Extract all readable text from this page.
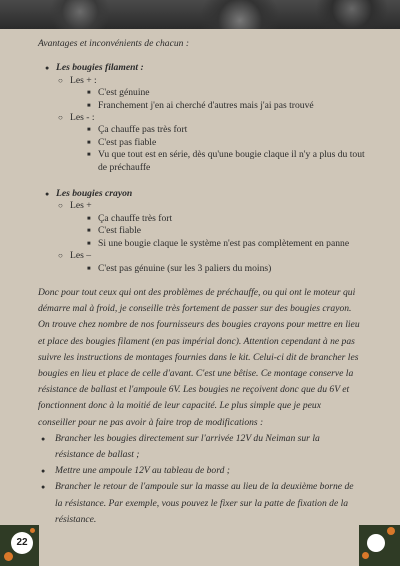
Avantages et inconvénients de chacun :

● Les bougies filament :
○ Les + :
■ C'est génuine
■ Franchement j'en ai cherché d'autres mais j'ai pas trouvé
○ Les - :
■ Ça chauffe pas très fort
■ C'est pas fiable
■ Vu que tout est en série, dès qu'une bougie claque il n'y a plus du tout de préchauffe
● Les bougies crayon
○ Les +
■ Ça chauffe très fort
■ C'est fiable
■ Si une bougie claque le système n'est pas complètement en panne
○ Les –
■ C'est pas génuine (sur les 3 paliers du moins)

Donc pour tout ceux qui ont des problèmes de préchauffe, ou qui ont le moteur qui démarre mal à froid, je conseille très fortement de passer sur des bougies crayon. On trouve chez nombre de nos fournisseurs des bougies crayons pour mettre en lieu et place des bougies filament (en pas impérial donc). Attention cependant à ne pas suivre les instructions de montages fournies dans le kit. Celui-ci dit de brancher les bougies en lieu et place de celle d'avant. C'est une bêtise. Ce montage conserve la résistance de ballast et l'ampoule 6V. Les bougies ne reçoivent donc que du 6V et fonctionnent donc à la moitié de leur capacité. Le plus simple que je peux conseiller pour ne pas avoir à faire trop de modifications :

● Brancher les bougies directement sur l'arrivée 12V du Neiman sur la résistance de ballast ;
● Mettre une ampoule 12V au tableau de bord ;
● Brancher le retour de l'ampoule sur la masse au lieu de la deuxième borne de la résistance. Par exemple, vous pouvez le fixer sur la patte de fixation de la résistance.
22
